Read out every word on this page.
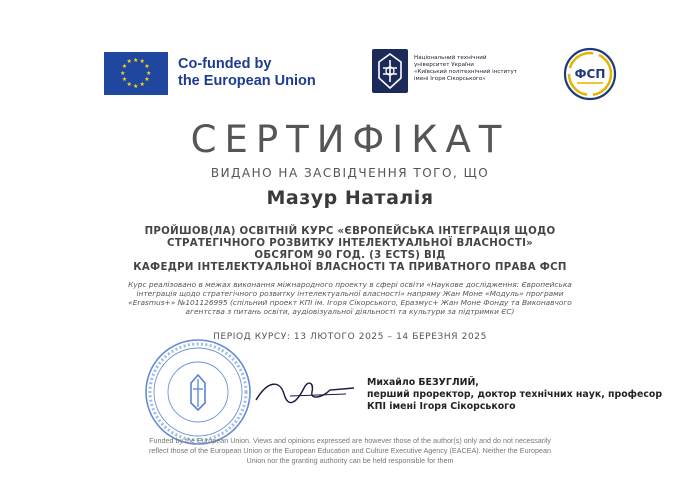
★ ★
★
★
★
★
★
★
★
★
★
★	Co-funded by
the European Union
Національний технічний
університет України
«Київський політехнічний інститут
імені Ігоря Сікорського»	ФСП
СЕРТИФІКАТ
ВИДАНО НА ЗАСВІДЧЕННЯ ТОГО, ЩО
Мазур Наталія
ПРОЙШОВ(ЛА) ОСВІТНІЙ КУРС «ЄВРОПЕЙСЬКА ІНТЕГРАЦІЯ ЩОДО
СТРАТЕГІЧНОГО РОЗВИТКУ ІНТЕЛЕКТУАЛЬНОЇ ВЛАСНОСТІ»
ОБСЯГОМ 90 ГОД. (3 ECTS) ВІД
КАФЕДРИ ІНТЕЛЕКТУАЛЬНОЇ ВЛАСНОСТІ ТА ПРИВАТНОГО ПРАВА ФСП
Курс реалізовано в межах виконання міжнародного проекту в сфері освіти «Наукове дослідження: Європейська
інтеграція щодо стратегічного розвитку інтелектуальної власності» напряму Жан Моне «Модуль» програми
«Erasmus+» №101126995 (спільний проект КПІ ім. Ігоря Сікорського, Еразмус+ Жан Моне Фонду та Виконавчого
агентства з питань освіти, аудіовізуальної діяльності та культури за підтримки ЄС)
ПЕРІОД КУРСУ: 13 ЛЮТОГО 2025 – 14 БЕРЕЗНЯ 2025
Михайло БЕЗУГЛИЙ,
перший проректор, доктор технічних наук, професор
КПІ імені Ігоря Сікорського
Funded by the European Union. Views and opinions expressed are however those of the author(s) only and do not necessarily
reflect those of the European Union or the European Education and Culture Executive Agency (EACEA). Neither the European
Union nor the granting authority can be held responsible for them
